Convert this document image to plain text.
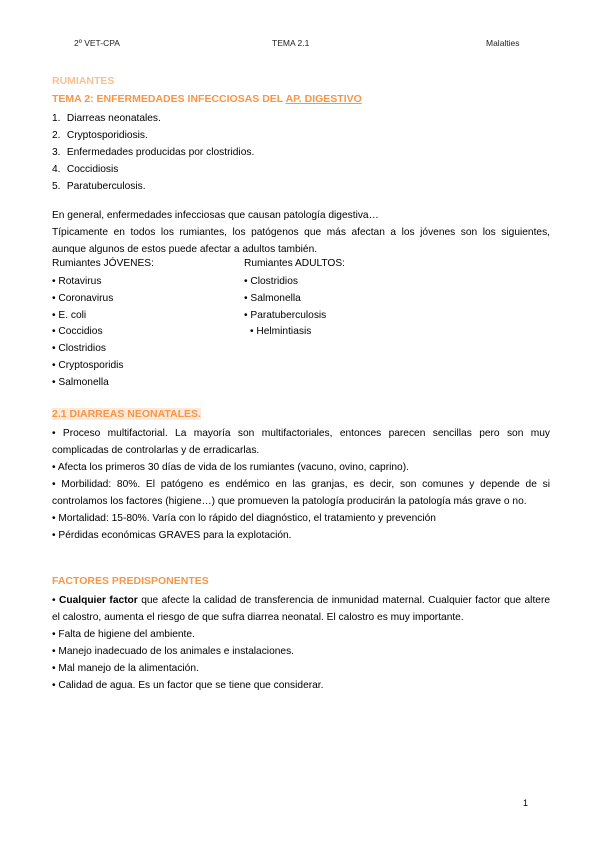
2º VET-CPA	TEMA 2.1	Malalties
RUMIANTES
TEMA 2: ENFERMEDADES INFECCIOSAS DEL AP. DIGESTIVO
1. Diarreas neonatales.
2. Cryptosporidiosis.
3. Enfermedades producidas por clostridios.
4. Coccidiosis
5. Paratuberculosis.
En general, enfermedades infecciosas que causan patología digestiva…
Típicamente en todos los rumiantes, los patógenos que más afectan a los jóvenes son los siguientes,
aunque algunos de estos puede afectar a adultos también.
Rumiantes JÓVENES:
• Rotavirus
• Coronavirus
• E. coli
• Coccidios
• Clostridios
• Cryptosporidis
• Salmonella
Rumiantes ADULTOS:
• Clostridios
• Salmonella
• Paratuberculosis
• Helmintiasis
2.1 DIARREAS NEONATALES.

• Proceso multifactorial. La mayoría son multifactoriales, entonces parecen sencillas pero son muy complicadas de controlarlas y de erradicarlas.

• Afecta los primeros 30 días de vida de los rumiantes (vacuno, ovino, caprino).

• Morbilidad: 80%. El patógeno es endémico en las granjas, es decir, son comunes y depende de si controlamos los factores (higiene…) que promueven la patología producirán la patología más grave o no.

• Mortalidad: 15-80%. Varía con lo rápido del diagnóstico, el tratamiento y prevención

• Pérdidas económicas GRAVES para la explotación.

FACTORES PREDISPONENTES

• Cualquier factor que afecte la calidad de transferencia de inmunidad maternal. Cualquier factor que altere el calostro, aumenta el riesgo de que sufra diarrea neonatal. El calostro es muy importante.

• Falta de higiene del ambiente.

• Manejo inadecuado de los animales e instalaciones.

• Mal manejo de la alimentación.

• Calidad de agua. Es un factor que se tiene que considerar.

1
